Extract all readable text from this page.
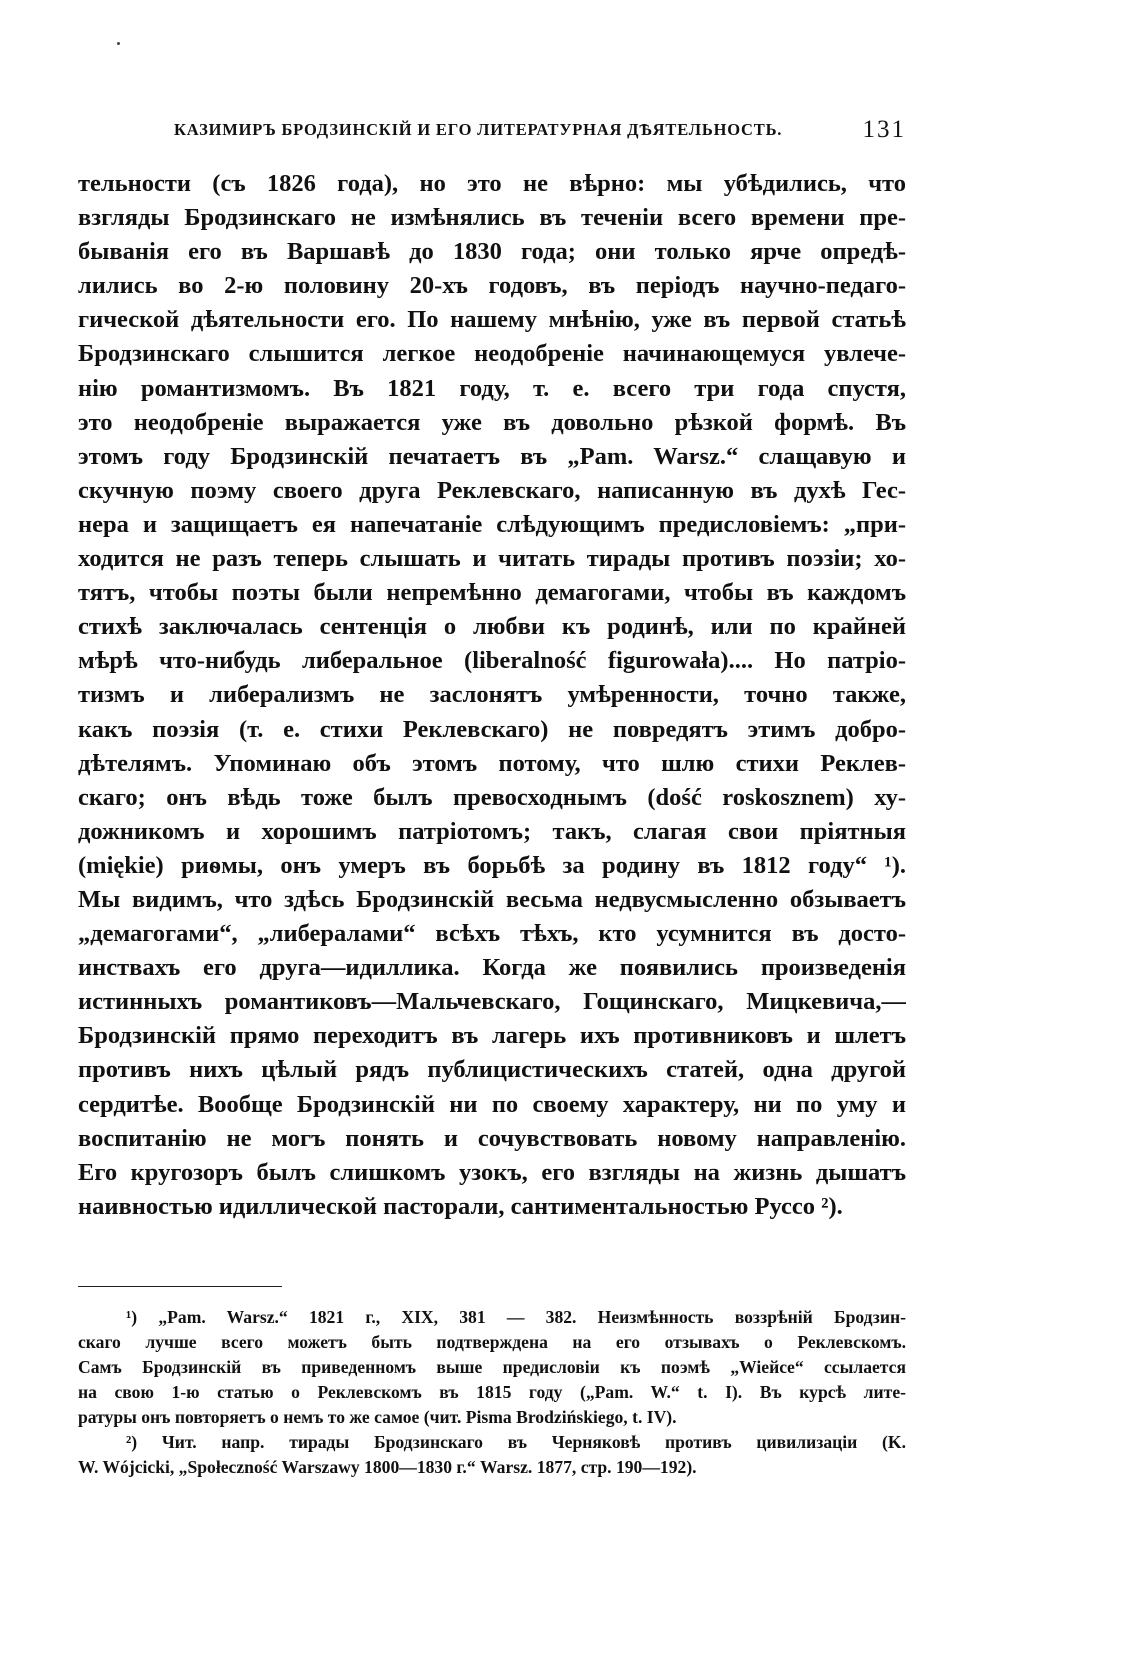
КАЗИМИРЪ БРОДЗИНСКІЙ И ЕГО ЛИТЕРАТУРНАЯ ДѢЯТЕЛЬНОСТЬ.	131
тельности (съ 1826 года), но это не вѣрно: мы убѣдились, что
взгляды Бродзинскаго не измѣнялись въ теченіи всего времени пре-
быванія его въ Варшавѣ до 1830 года; они только ярче опредѣ-
лились во 2-ю половину 20-хъ годовъ, въ періодъ научно-педаго-
гической дѣятельности его. По нашему мнѣнію, уже въ первой статьѣ
Бродзинскаго слышится легкое неодобреніе начинающемуся увлече-
нію романтизмомъ. Въ 1821 году, т. е. всего три года спустя,
это неодобреніе выражается уже въ довольно рѣзкой формѣ. Въ
этомъ году Бродзинскій печатаетъ въ „Pam. Warsz.“ слащавую и
скучную поэму своего друга Реклевскаго, написанную въ духѣ Гес-
нера и защищаетъ ея напечатаніе слѣдующимъ предисловіемъ: „при-
ходится не разъ теперь слышать и читать тирады противъ поэзіи; хо-
тятъ, чтобы поэты были непремѣнно демагогами, чтобы въ каждомъ
стихѣ заключалась сентенція о любви къ родинѣ, или по крайней
мѣрѣ что-нибудь либеральное (liberalność figurowała).... Но патріо-
тизмъ и либерализмъ не заслонятъ умѣренности, точно также,
какъ поэзія (т. е. стихи Реклевскаго) не повредятъ этимъ добро-
дѣтелямъ. Упоминаю объ этомъ потому, что шлю стихи Реклев-
скаго; онъ вѣдь тоже былъ превосходнымъ (dość roskosznem) ху-
дожникомъ и хорошимъ патріотомъ; такъ, слагая свои пріятныя
(miękie) риѳмы, онъ умеръ въ борьбѣ за родину въ 1812 году“ ¹).
Мы видимъ, что здѣсь Бродзинскій весьма недвусмысленно обзываетъ
„демагогами“, „либералами“ всѣхъ тѣхъ, кто усумнится въ досто-
инствахъ его друга—идиллика. Когда же появились произведенія
истинныхъ романтиковъ—Мальчевскаго, Гощинскаго, Мицкевича,—
Бродзинскій прямо переходитъ въ лагерь ихъ противниковъ и шлетъ
противъ нихъ цѣлый рядъ публицистическихъ статей, одна другой
сердитѣе. Вообще Бродзинскій ни по своему характеру, ни по уму и
воспитанію не могъ понять и сочувствовать новому направленію.
Его кругозоръ былъ слишкомъ узокъ, его взгляды на жизнь дышатъ
наивностью идиллической пасторали, сантиментальностью Руссо ²).
¹) „Pam. Warsz.“ 1821 г., XIX, 381 — 382. Неизмѣнность воззрѣній Бродзин-
скаго лучше всего можетъ быть подтверждена на его отзывахъ о Реклевскомъ.
Самъ Бродзинскій въ приведенномъ выше предисловіи къ поэмѣ „Wieйce“ ссылается
на свою 1-ю статью о Реклевскомъ въ 1815 году („Pam. W.“ t. I). Въ курсѣ лите-
ратуры онъ повторяетъ о немъ то же самое (чит. Pisma Brodzińskiego, t. IV).
²) Чит. напр. тирады Бродзинскаго въ Черняковѣ противъ цивилизаціи (K.
W. Wójcicki, „Społeczność Warszawy 1800—1830 г.“ Warsz. 1877, стр. 190—192).
